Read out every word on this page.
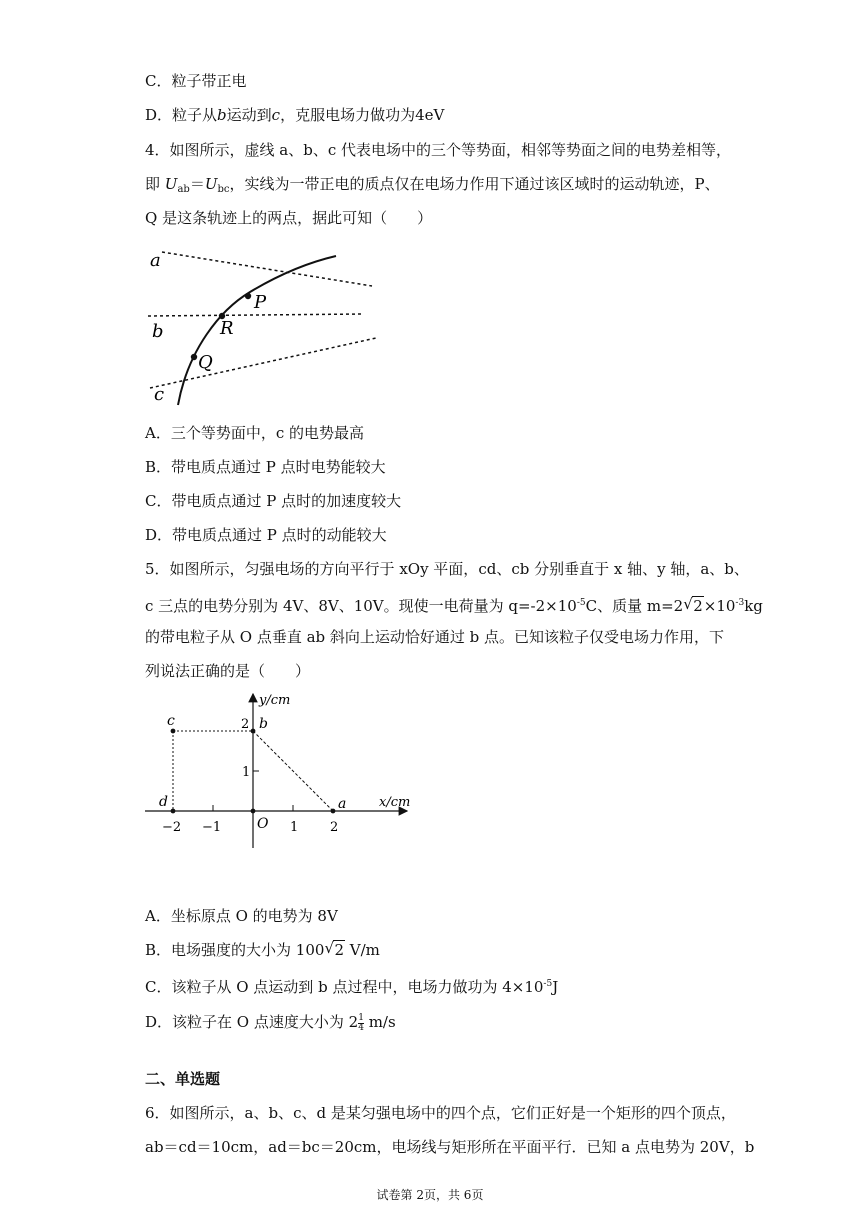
C．粒子带正电
D．粒子从b运动到c，克服电场力做功为4eV
4．如图所示，虚线 a、b、c 代表电场中的三个等势面，相邻等势面之间的电势差相等，
即 $U_{ab}=U_{bc}$，实线为一带正电的质点仅在电场力作用下通过该区域时的运动轨迹，P、
Q 是这条轨迹上的两点，据此可知（　　）
a
b
c
P
R
Q
A．三个等势面中，c 的电势最高
B．带电质点通过 P 点时电势能较大
C．带电质点通过 P 点时的加速度较大
D．带电质点通过 P 点时的动能较大
5．如图所示，匀强电场的方向平行于 xOy 平面，cd、cb 分别垂直于 x 轴、y 轴，a、b、
c 三点的电势分别为 4V、8V、10V。现使一电荷量为 $q=-2\times 10^{-5}C$、质量 m=2 √ $2\times 10^{-3}kg$
的带电粒子从 O 点垂直 ab 斜向上运动恰好通过 b 点。已知该粒子仅受电场力作用，下
列说法正确的是（　　）
y/cm
x/cm
c	2 b
1
d	a
O
−2 −1	1 2
A．坐标原点 O 的电势为 8V
B．电场强度的大小为 100 √ 2 V/m
C．该粒子从 O 点运动到 b 点过程中，电场力做功为 $4\times 10^{-5}J$
D．该粒子在 O 点速度大小为 $2 \frac{1}{4} m/s$
二、单选题
6．如图所示，a、b、c、d 是某匀强电场中的四个点，它们正好是一个矩形的四个顶点，
ab＝cd＝10cm，ad＝bc＝20cm，电场线与矩形所在平面平行．已知 a 点电势为 20V，b
试卷第 2页，共 6页
